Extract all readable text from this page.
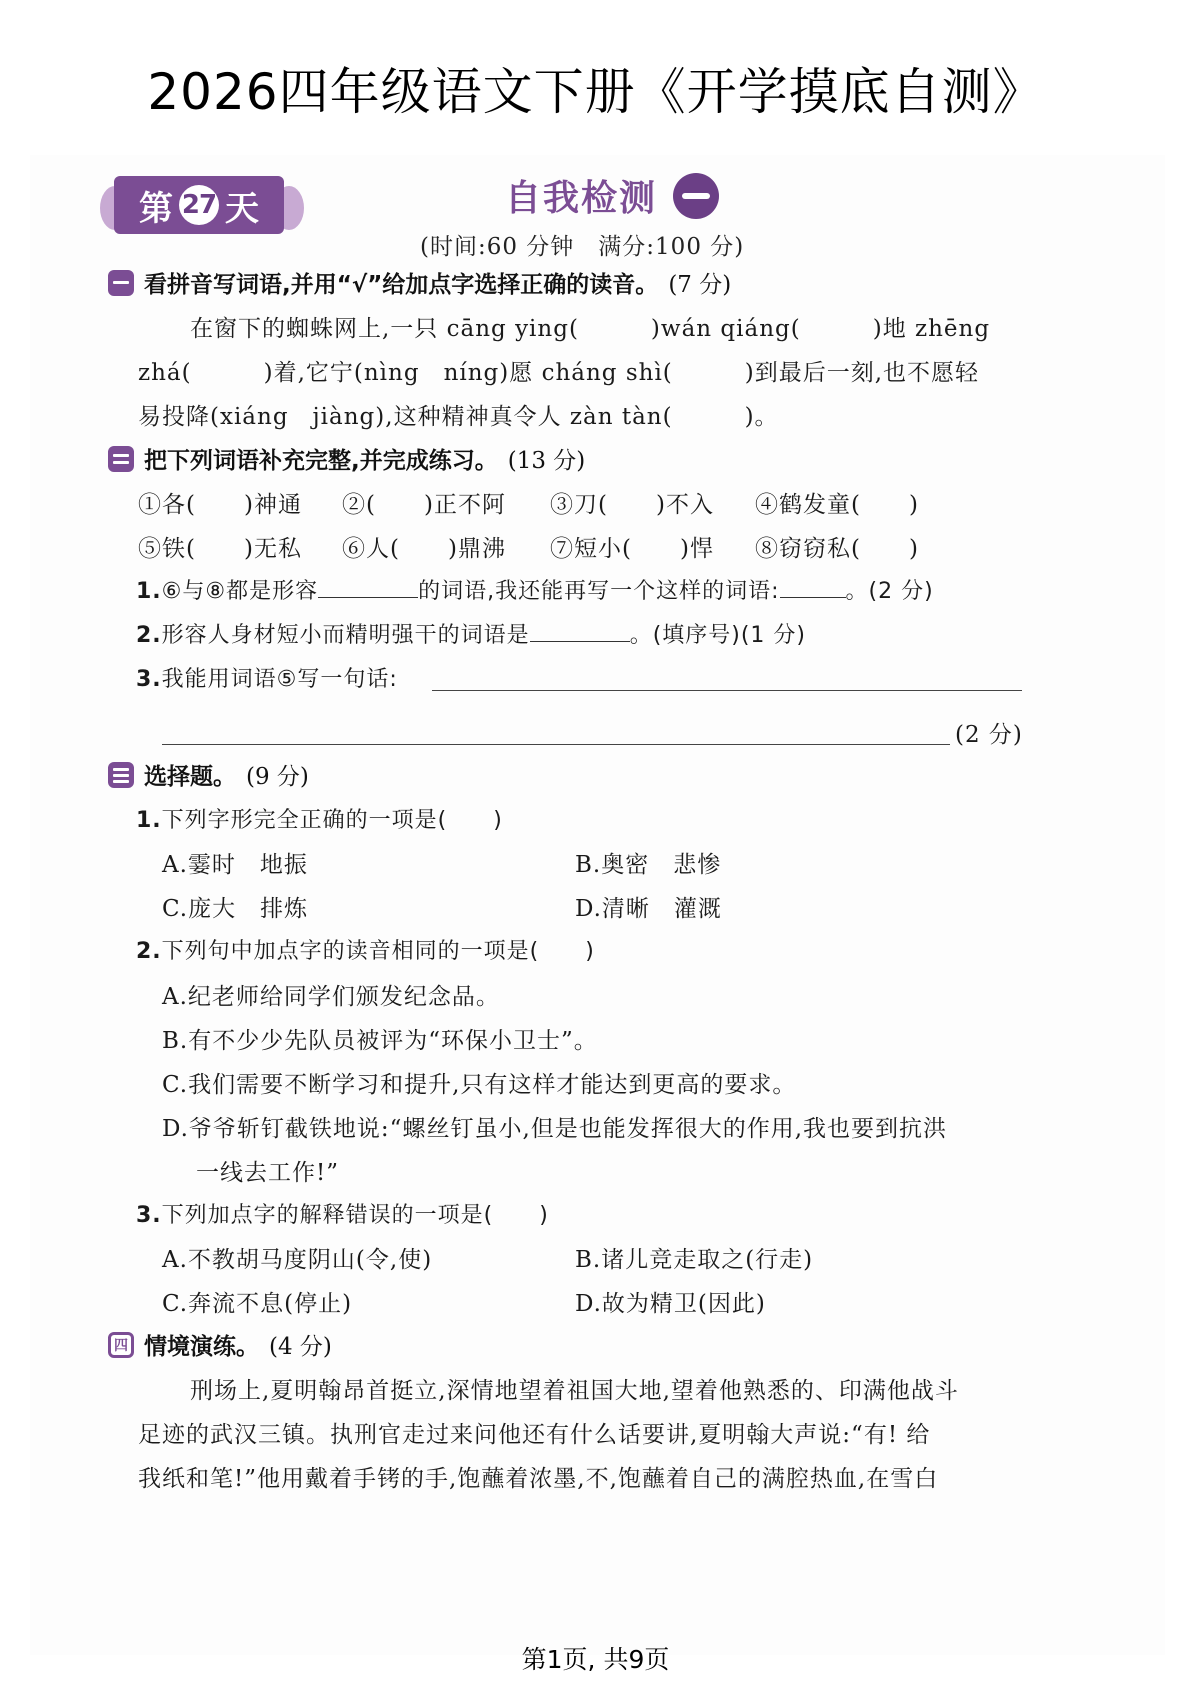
2026四年级语文下册《开学摸底自测》
第 27 天	自我检测
(时间:60 分钟　满分:100 分)
看拼音写词语,并用“√”给加点字选择正确的读音。 (7 分)
在窗下的蜘蛛网上,一只 cāng ying(　　　)wán qiáng(　　　)地 zhēng
zhá(　　　)着,它宁(nìng　níng)愿 cháng shì(　　　)到最后一刻,也不愿轻
易投降(xiáng　jiàng),这种精神真令人 zàn tàn(　　　)。
把下列词语补充完整,并完成练习。 (13 分)
①各(　　)神通 ②(　　)正不阿 ③刀(　　)不入 ④鹤发童(　　)
⑤铁(　　)无私 ⑥人(　　)鼎沸 ⑦短小(　　)悍 ⑧窃窃私(　　)
1.⑥与⑧都是形容	的词语,我还能再写一个这样的词语:	。(2 分)
2.形容人身材短小而精明强干的词语是	。(填序号)(1 分)
3.我能用词语⑤写一句话:
(2 分)
选择题。 (9 分)
1.下列字形完全正确的一项是(　　)
A.霎时　地振	B.奥密　悲惨
C.庞大　排炼	D.清晰　灌溉
2.下列句中加点字的读音相同的一项是(　　)
A.纪老师给同学们颁发纪念品。
B.有不少少先队员被评为“环保小卫士”。
C.我们需要不断学习和提升,只有这样才能达到更高的要求。
D.爷爷斩钉截铁地说:“螺丝钉虽小,但是也能发挥很大的作用,我也要到抗洪
一线去工作!”
3.下列加点字的解释错误的一项是(　　)
A.不教胡马度阴山(令,使)	B.诸儿竞走取之(行走)
C.奔流不息(停止)	D.故为精卫(因此)
四 情境演练。 (4 分)
刑场上,夏明翰昂首挺立,深情地望着祖国大地,望着他熟悉的、印满他战斗
足迹的武汉三镇。执刑官走过来问他还有什么话要讲,夏明翰大声说:“有! 给
我纸和笔!”他用戴着手铐的手,饱蘸着浓墨,不,饱蘸着自己的满腔热血,在雪白
第1页, 共9页
